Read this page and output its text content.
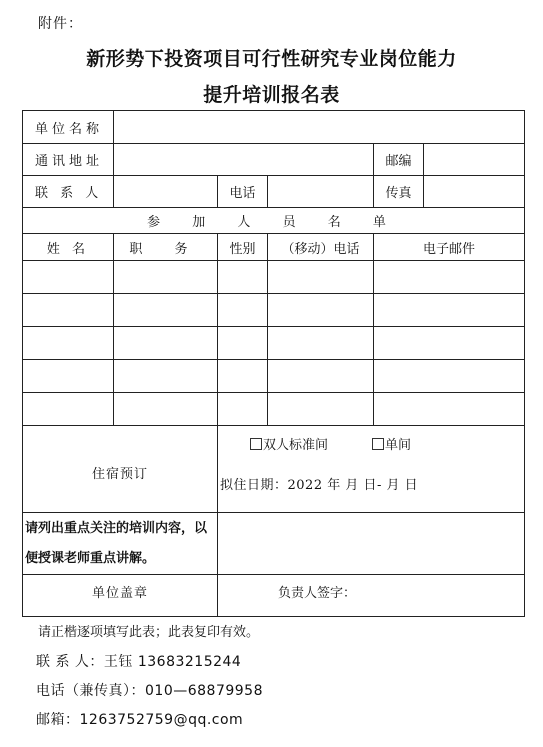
附件：
新形势下投资项目可行性研究专业岗位能力
提升培训报名表
单位名称					
通讯地址				邮编	
联 系 人		电话		传真	
参 加 人 员 名 单					
姓 名	职 务	性别	（移动）电话	电子邮件	

住宿预订		双人标准间 单间
拟住日期：2022 年 月 日- 月 日			

请列出重点关注的培训内容，以便授课老师重点讲解。					
单位盖章		负责人签字：			
请正楷逐项填写此表；此表复印有效。
联 系 人：王钰 13683215244
电话（兼传真）：010—68879958
邮箱：1263752759@qq.com
